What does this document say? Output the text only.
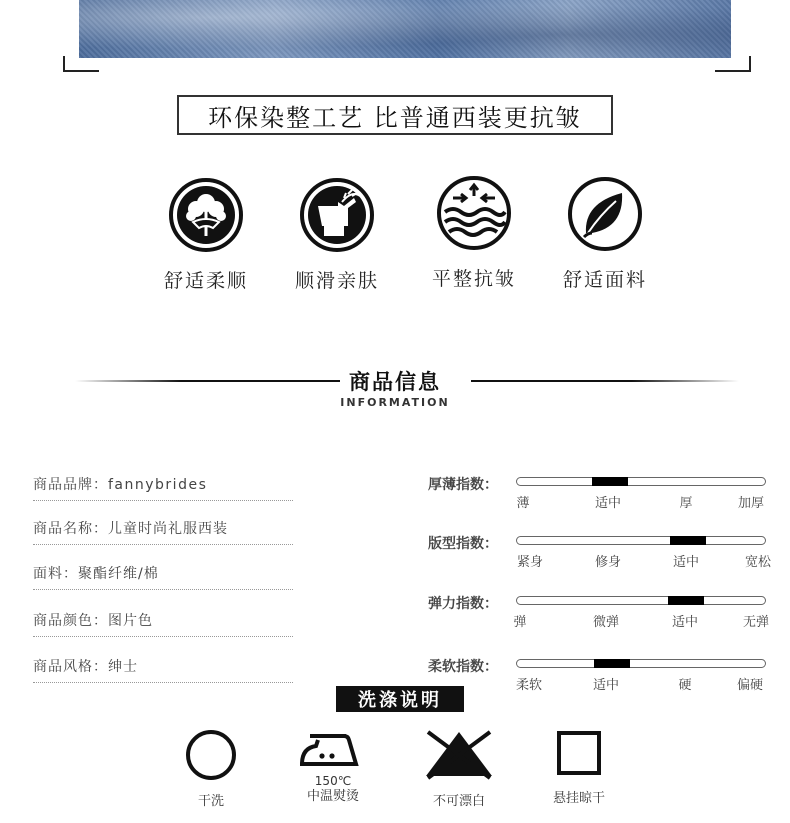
环保染整工艺 比普通西装更抗皱
舒适柔顺	顺滑亲肤	平整抗皱	舒适面料
商品信息
INFORMATION
商品品牌：fannybrides
商品名称：儿童时尚礼服西装
面料：聚酯纤维/棉
商品颜色：图片色
商品风格：绅士
厚薄指数：
薄	适中	厚	加厚
版型指数：
紧身	修身	适中	宽松
弹力指数：
弹	微弹	适中	无弹
柔软指数：
柔软	适中	硬	偏硬
洗涤说明
干洗
150℃
中温熨烫	不可漂白	悬挂晾干
